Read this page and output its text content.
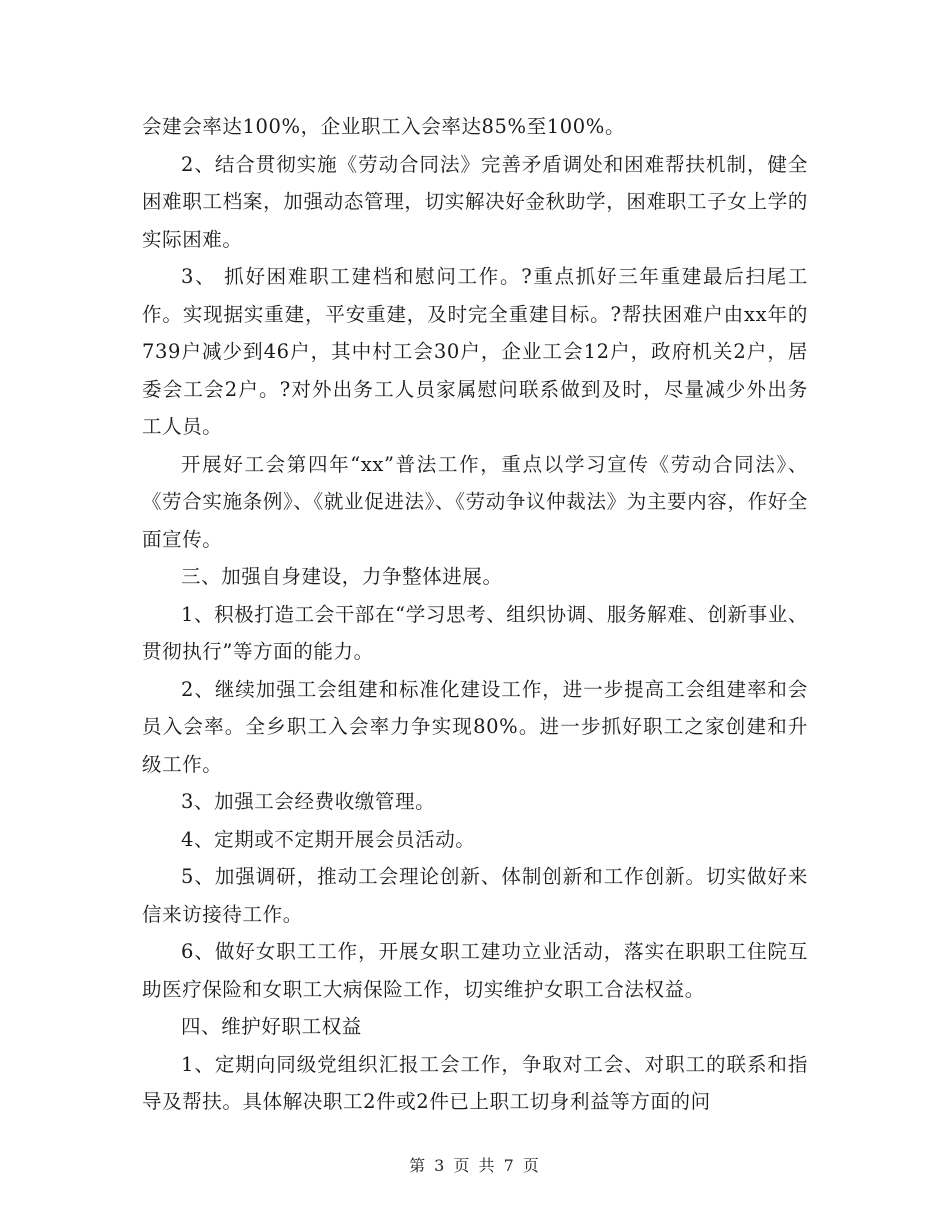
会建会率达100%，企业职工入会率达85%至100%。

2、结合贯彻实施《劳动合同法》完善矛盾调处和困难帮扶机制，健全困难职工档案，加强动态管理，切实解决好金秋助学，困难职工子女上学的实际困难。

3、 抓好困难职工建档和慰问工作。?重点抓好三年重建最后扫尾工作。实现据实重建，平安重建，及时完全重建目标。?帮扶困难户由xx年的739户减少到46户，其中村工会30户，企业工会12户，政府机关2户，居委会工会2户。?对外出务工人员家属慰问联系做到及时，尽量减少外出务工人员。

开展好工会第四年“xx”普法工作，重点以学习宣传《劳动合同法》、《劳合实施条例》、《就业促进法》、《劳动争议仲裁法》为主要内容，作好全面宣传。

三、加强自身建设，力争整体进展。

1、积极打造工会干部在“学习思考、组织协调、服务解难、创新事业、贯彻执行”等方面的能力。

2、继续加强工会组建和标准化建设工作，进一步提高工会组建率和会员入会率。全乡职工入会率力争实现80%。进一步抓好职工之家创建和升级工作。

3、加强工会经费收缴管理。

4、定期或不定期开展会员活动。

5、加强调研，推动工会理论创新、体制创新和工作创新。切实做好来信来访接待工作。

6、做好女职工工作，开展女职工建功立业活动，落实在职职工住院互助医疗保险和女职工大病保险工作，切实维护女职工合法权益。

四、维护好职工权益

1、定期向同级党组织汇报工会工作，争取对工会、对职工的联系和指导及帮扶。具体解决职工2件或2件已上职工切身利益等方面的问

第 3 页 共 7 页
